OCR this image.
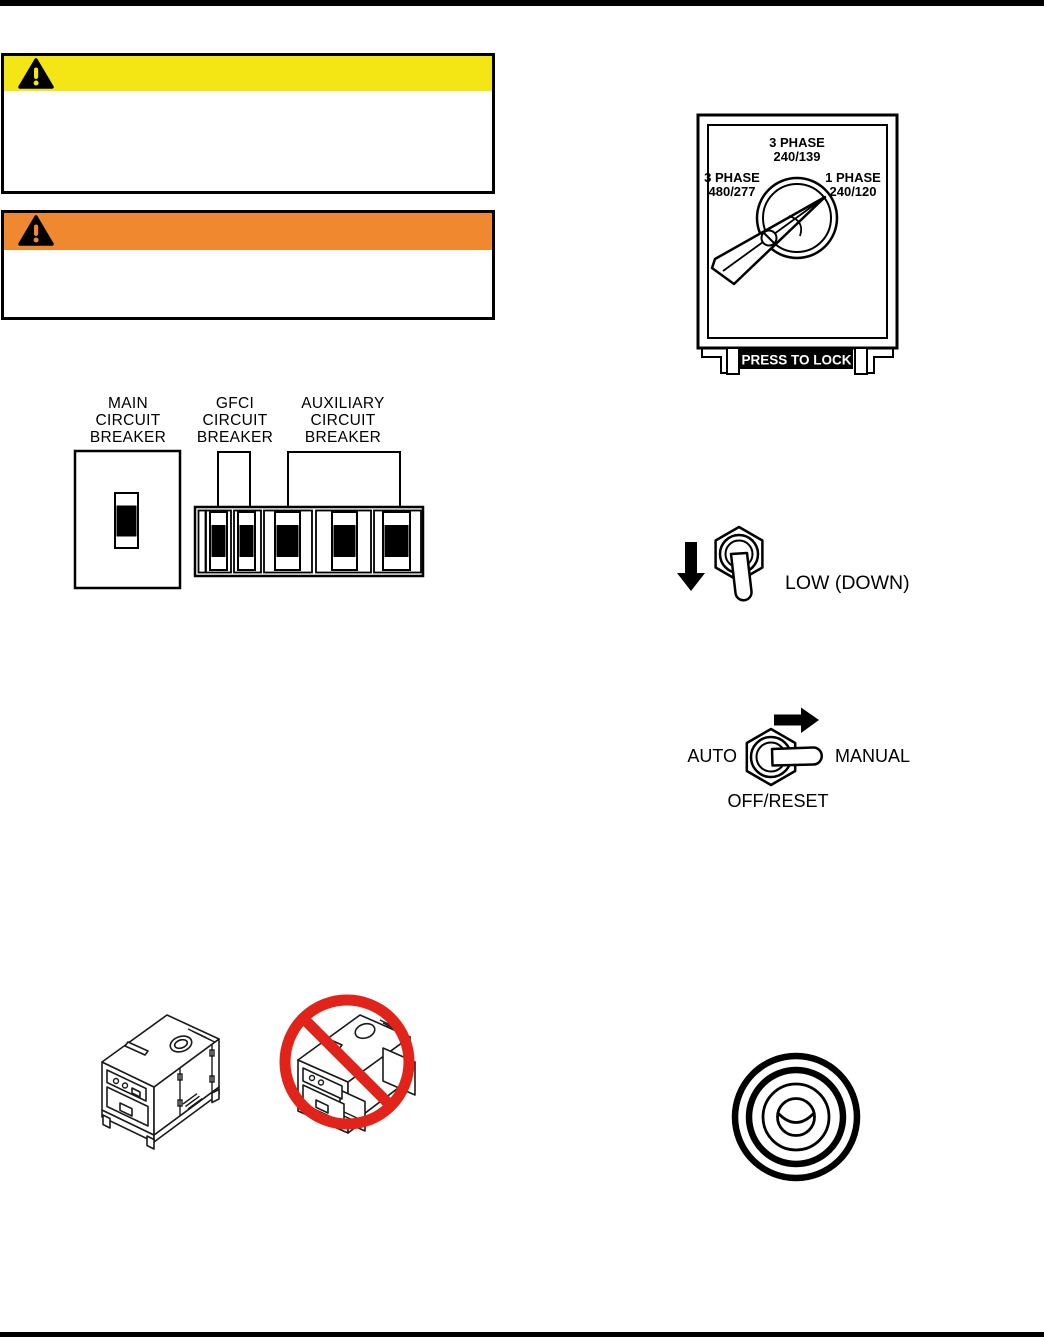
3 PHASE
240/139
3 PHASE
480/277
1 PHASE
240/120
PRESS TO LOCK
MAIN
CIRCUIT
BREAKER
GFCI
CIRCUIT
BREAKER
AUXILIARY
CIRCUIT
BREAKER
LOW (DOWN)
AUTO	MANUAL
OFF/RESET
